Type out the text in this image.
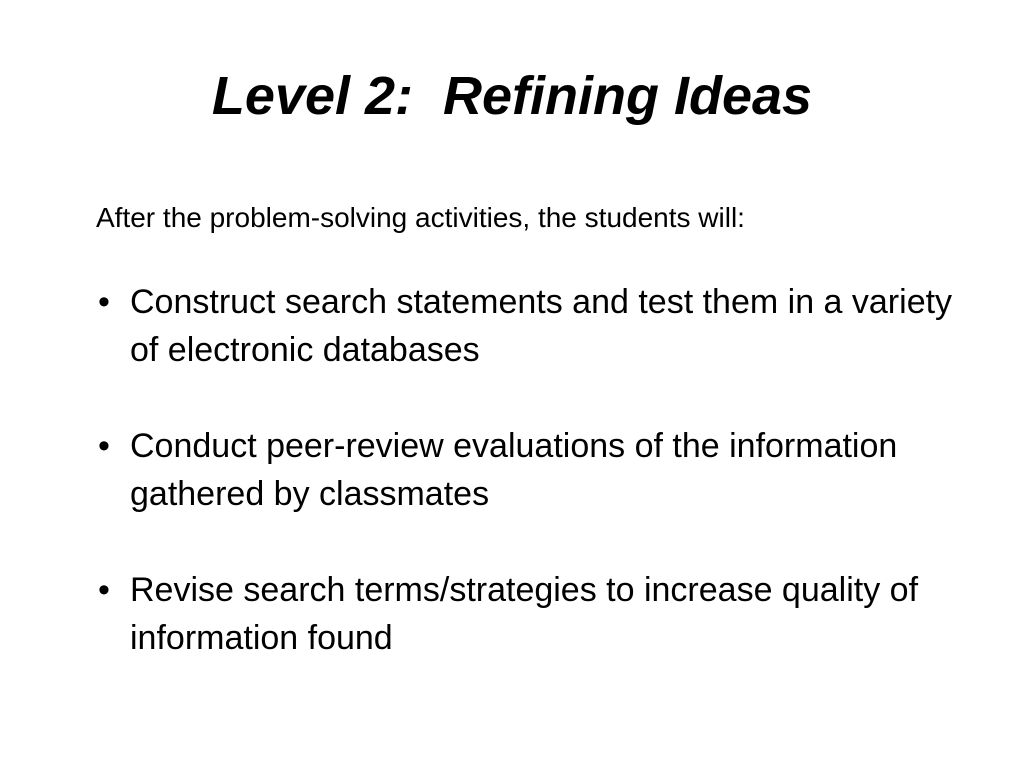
Level 2:  Refining Ideas
After the problem-solving activities, the students will:
• Construct search statements and test them in a variety of electronic databases
• Conduct peer-review evaluations of the information gathered by classmates
• Revise search terms/strategies to increase quality of information found
